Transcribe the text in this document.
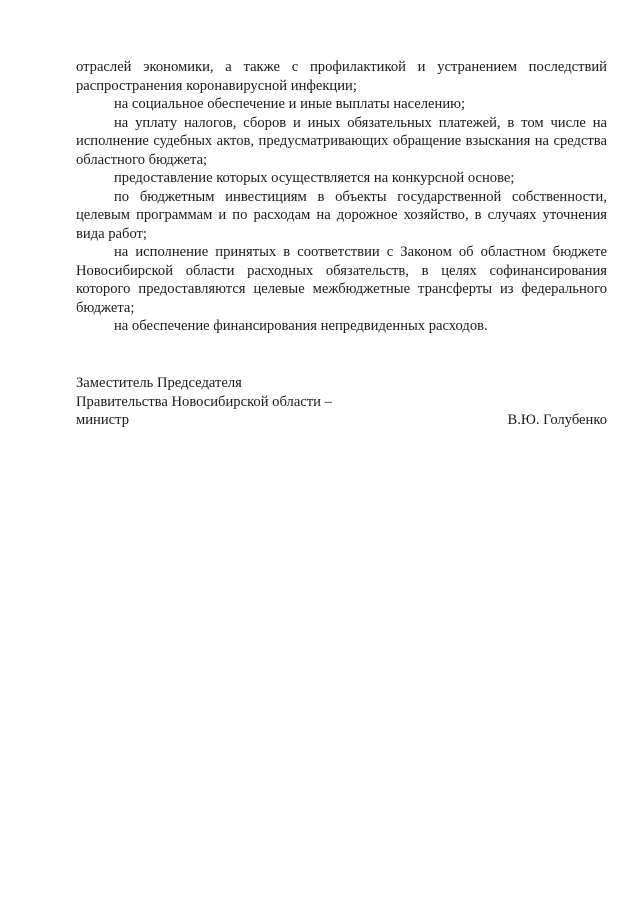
отраслей экономики, а также с профилактикой и устранением последствий распространения коронавирусной инфекции;

на социальное обеспечение и иные выплаты населению;

на уплату налогов, сборов и иных обязательных платежей, в том числе на исполнение судебных актов, предусматривающих обращение взыскания на средства областного бюджета;

предоставление которых осуществляется на конкурсной основе;

по бюджетным инвестициям в объекты государственной собственности, целевым программам и по расходам на дорожное хозяйство, в случаях уточнения вида работ;

на исполнение принятых в соответствии с Законом об областном бюджете Новосибирской области расходных обязательств, в целях софинансирования которого предоставляются целевые межбюджетные трансферты из федерального бюджета;

на обеспечение финансирования непредвиденных расходов.

Заместитель Председателя
Правительства Новосибирской области –
министр	В.Ю. Голубенко
